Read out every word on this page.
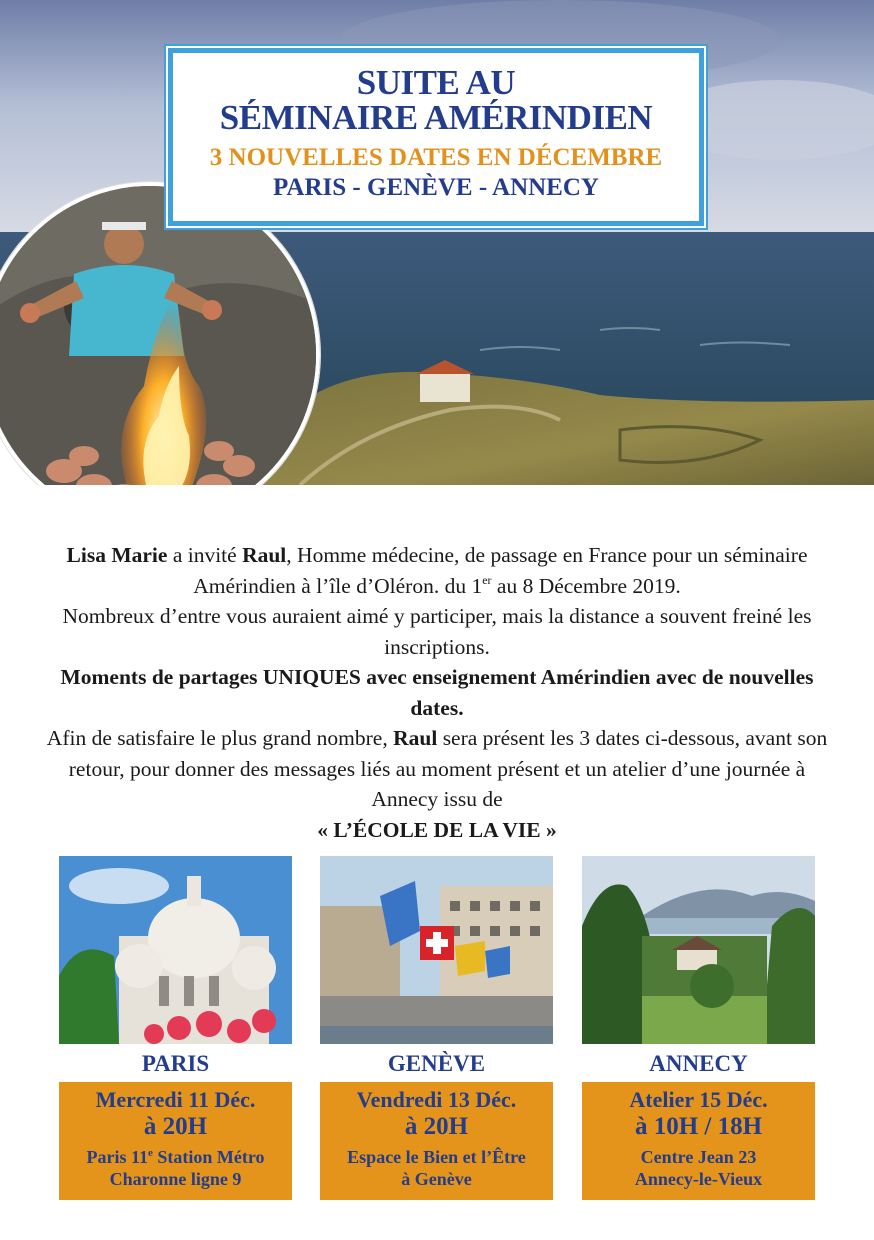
SUITE AU
SÉMINAIRE AMÉRINDIEN
3 NOUVELLES DATES EN DÉCEMBRE
PARIS - GENÈVE - ANNECY

Lisa Marie a invité Raul, Homme médecine, de passage en France pour un séminaire Amérindien à l’île d’Oléron. du 1er au 8 Décembre 2019.

Nombreux d’entre vous auraient aimé y participer, mais la distance a souvent freiné les inscriptions.

Moments de partages UNIQUES avec enseignement Amérindien avec de nouvelles dates.

Afin de satisfaire le plus grand nombre, Raul sera présent les 3 dates ci-dessous, avant son retour, pour donner des messages liés au moment présent et un atelier d’une journée à Annecy issu de

« L’ÉCOLE DE LA VIE »

PARIS
Mercredi 11 Déc.
à 20H
Paris 11e Station Métro
Charonne ligne 9
GENÈVE
Vendredi 13 Déc.
à 20H
Espace le Bien et l’Être
à Genève
ANNECY
Atelier 15 Déc.
à 10H / 18H
Centre Jean 23
Annecy-le-Vieux
